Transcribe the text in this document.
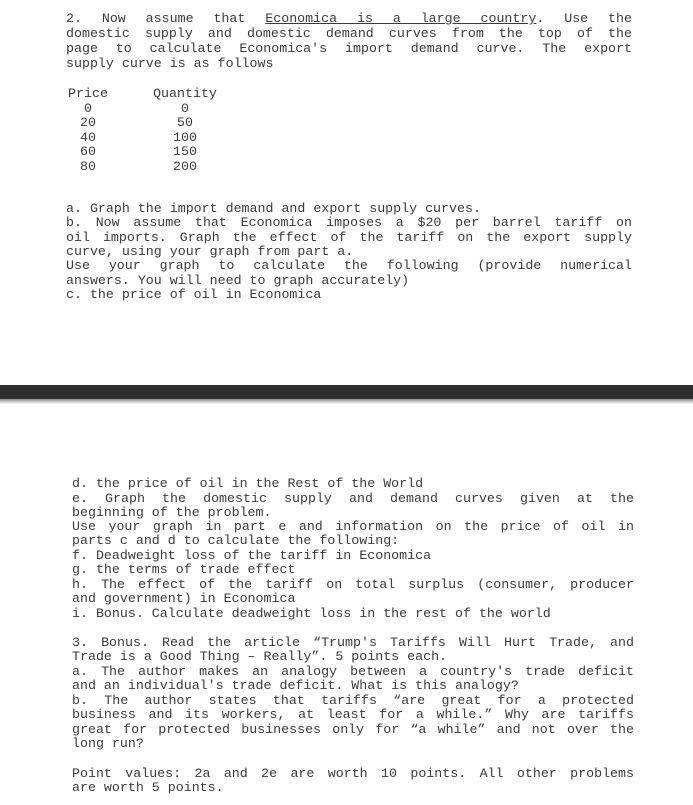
2. Now assume that Economica is a large country. Use the

domestic supply and domestic demand curves from the top of the

page to calculate Economica's import demand curve. The export

supply curve is as follows

Price		Quantity
0		0
20		50
40		100
60		150
80		200

a. Graph the import demand and export supply curves.

b. Now assume that Economica imposes a $20 per barrel tariff on

oil imports. Graph the effect of the tariff on the export supply

curve, using your graph from part a.

Use your graph to calculate the following (provide numerical

answers. You will need to graph accurately)

c. the price of oil in Economica

d. the price of oil in the Rest of the World

e. Graph the domestic supply and demand curves given at the

beginning of the problem.

Use your graph in part e and information on the price of oil in

parts c and d to calculate the following:

f. Deadweight loss of the tariff in Economica

g. the terms of trade effect

h. The effect of the tariff on total surplus (consumer, producer

and government) in Economica

i. Bonus. Calculate deadweight loss in the rest of the world

3. Bonus. Read the article “Trump's Tariffs Will Hurt Trade, and

Trade is a Good Thing – Really”. 5 points each.

a. The author makes an analogy between a country's trade deficit

and an individual's trade deficit. What is this analogy?

b. The author states that tariffs “are great for a protected

business and its workers, at least for a while.” Why are tariffs

great for protected businesses only for “a while” and not over the

long run?

Point values: 2a and 2e are worth 10 points. All other problems

are worth 5 points.
